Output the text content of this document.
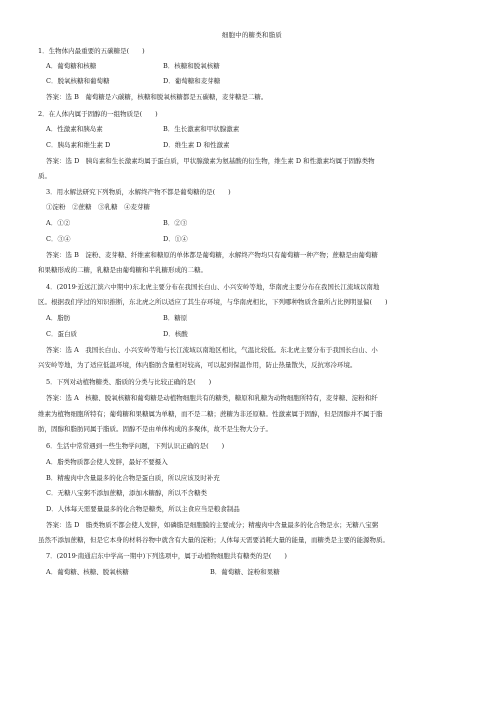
细胞中的糖类和脂质
1．生物体内最重要的五碳糖是(　　)
A．葡萄糖和核糖	B．核糖和脱氧核糖
C．脱氧核糖和葡萄糖	D．葡萄糖和麦芽糖
答案：选 B　葡萄糖是六碳糖，核糖和脱氧核糖都是五碳糖，麦芽糖是二糖。
2．在人体内属于固醇的一组物质是(　　)
A．性激素和胰岛素	B．生长激素和甲状腺激素
C．胰岛素和维生素 D	D．维生素 D 和性激素
答案：选 D　胰岛素和生长激素均属于蛋白质，甲状腺激素为氨基酸的衍生物，维生素 D 和性激素均属于固醇类物
质。
3．用水解法研究下列物质，水解终产物不都是葡萄糖的是(　　)
①淀粉　②蔗糖　③乳糖　④麦芽糖
A．①②	B．②③
C．③④	D．①④
答案：选 B　淀粉、麦芽糖、纤维素和糖原的单体都是葡萄糖，水解终产物均只有葡萄糖一种产物；蔗糖是由葡萄糖
和果糖形成的二糖，乳糖是由葡萄糖和半乳糖形成的二糖。
4．(2019·近远江滨六中期中)东北虎主要分布在我国长白山、小兴安岭等地，华南虎主要分布在我国长江流域以南地
区。根据我们学过的知识推断，东北虎之所以适应了其生存环境，与华南虎相比，下列哪种物质含量所占比例明显偏(　　)
A．脂肪	B．糖原
C．蛋白质	D．核酸
答案：选 A　我国长白山、小兴安岭等地与长江流域以南地区相比，气温比较低。东北虎主要分布于我国长白山、小
兴安岭等地，为了适应低温环境，体内脂肪含量相对较高，可以起到保温作用，防止热量散失，反抗寒冷环境。
5．下列对动植物糖类、脂质的分类与比较正确的是(　　)
答案：选 A　核糖、脱氧核糖和葡萄糖是动植物细胞共有的糖类，糖原和乳糖为动物细胞所特有，麦芽糖、淀粉和纤
维素为植物细胞所特有；葡萄糖和果糖属为单糖，而不是二糖；蔗糖为非还原糖。性激素属于固醇，但是固醇并不属于脂
肪，固醇和脂肪同属于脂质。固醇不是由单体构成的多聚体，故不是生物大分子。
6．生活中常常遇到一些生物学问题，下列认识正确的是(　　)
A．脂类物质都会使人发胖，最好不要摄入
B．精瘦肉中含量最多的化合物是蛋白质，所以应该及时补充
C．无糖八宝粥不添加蔗糖，添加木糖醇，所以不含糖类
D．人体每天需要量最多的化合物是糖类，所以主食应当是粮食制品
答案：选 D　脂类物质不都会使人发胖，如磷脂是细胞膜的主要成分；精瘦肉中含量最多的化合物是水；无糖八宝粥
虽然不添加蔗糖，但是它本身的材料谷物中就含有大量的淀粉；人体每天需要消耗大量的能量，而糖类是主要的能源物质。
7．(2019·南通启东中学高一期中)下列选项中，属于动植物细胞共有糖类的是(　　)
A．葡萄糖、核糖、脱氧核糖	B．葡萄糖、淀粉和果糖
